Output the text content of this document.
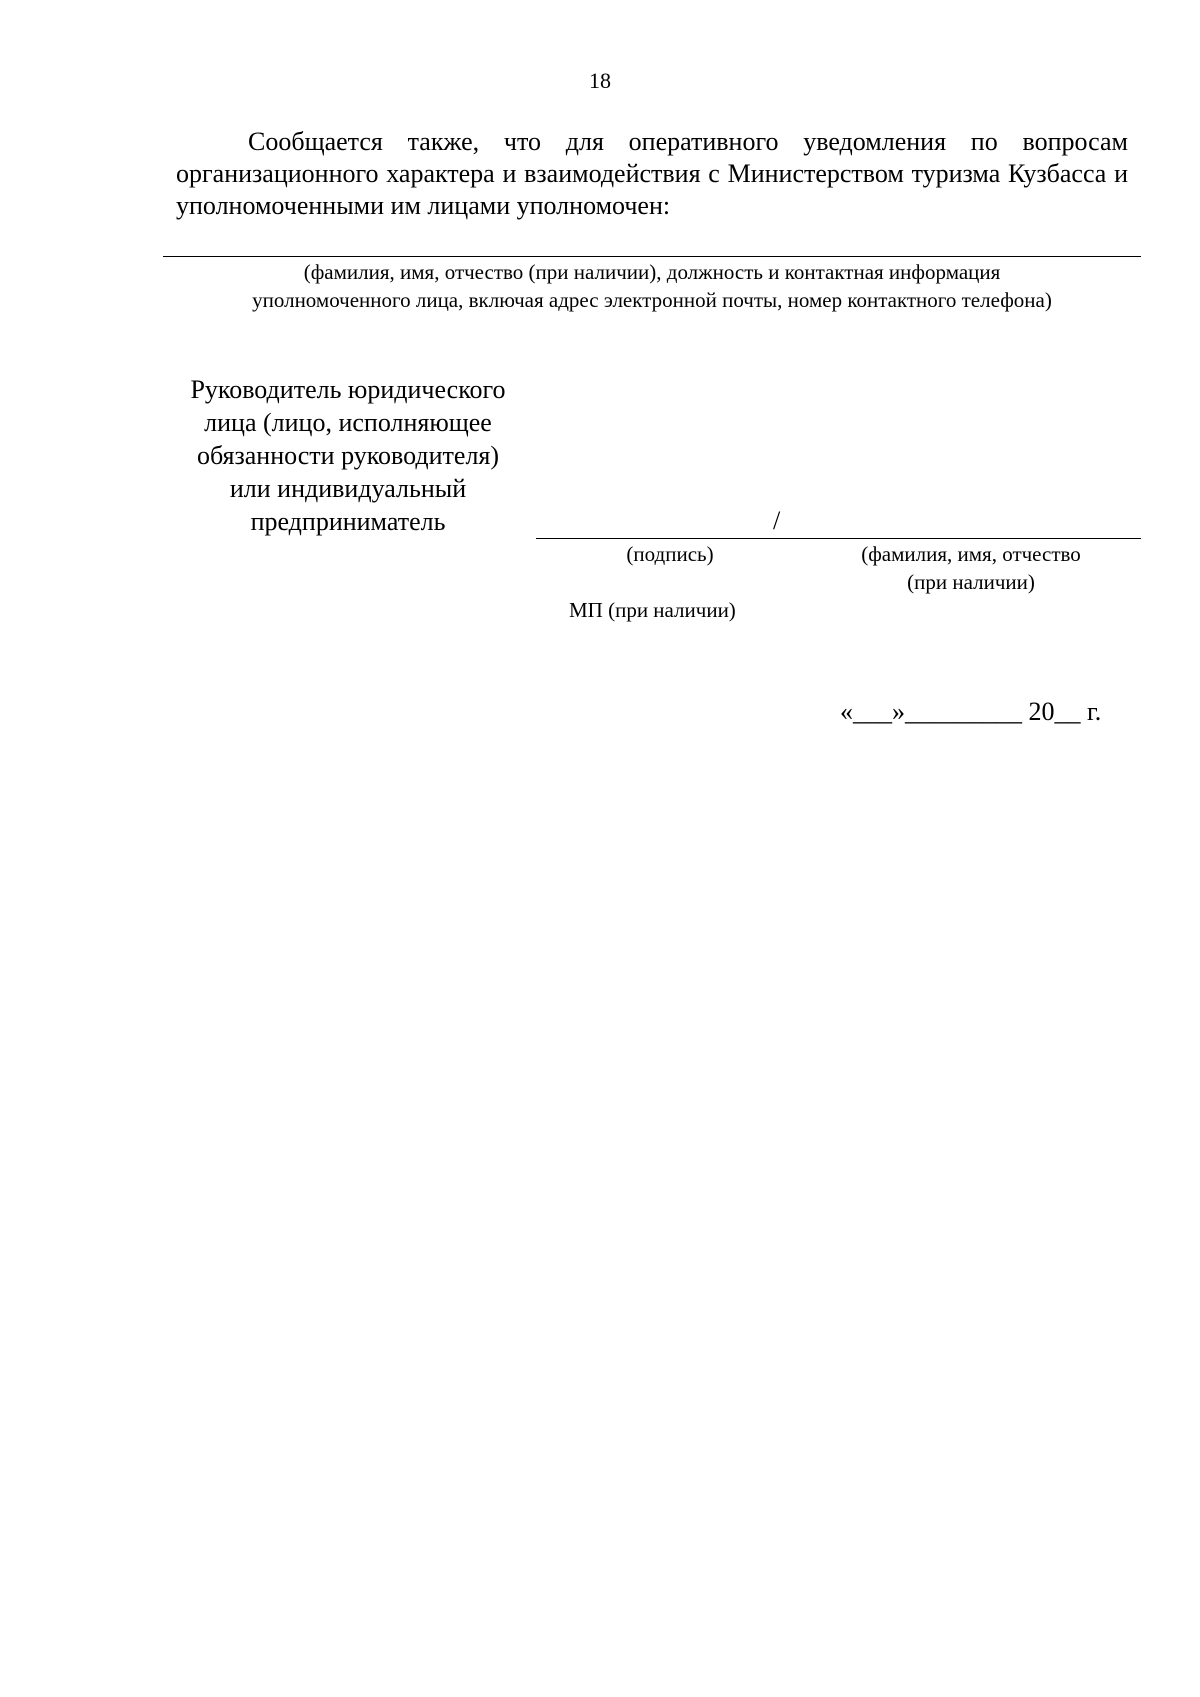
18
Сообщается также, что для оперативного уведомления по вопросам организационного характера и взаимодействия с Министерством туризма Кузбасса и уполномоченными им лицами уполномочен:
(фамилия, имя, отчество (при наличии), должность и контактная информация
уполномоченного лица, включая адрес электронной почты, номер контактного телефона)
Руководитель юридического
лица (лицо, исполняющее
обязанности руководителя)
или индивидуальный
предприниматель	/
(подпись)	(фамилия, имя, отчество
(при наличии)
МП (при наличии)
«___»_________ 20__ г.
